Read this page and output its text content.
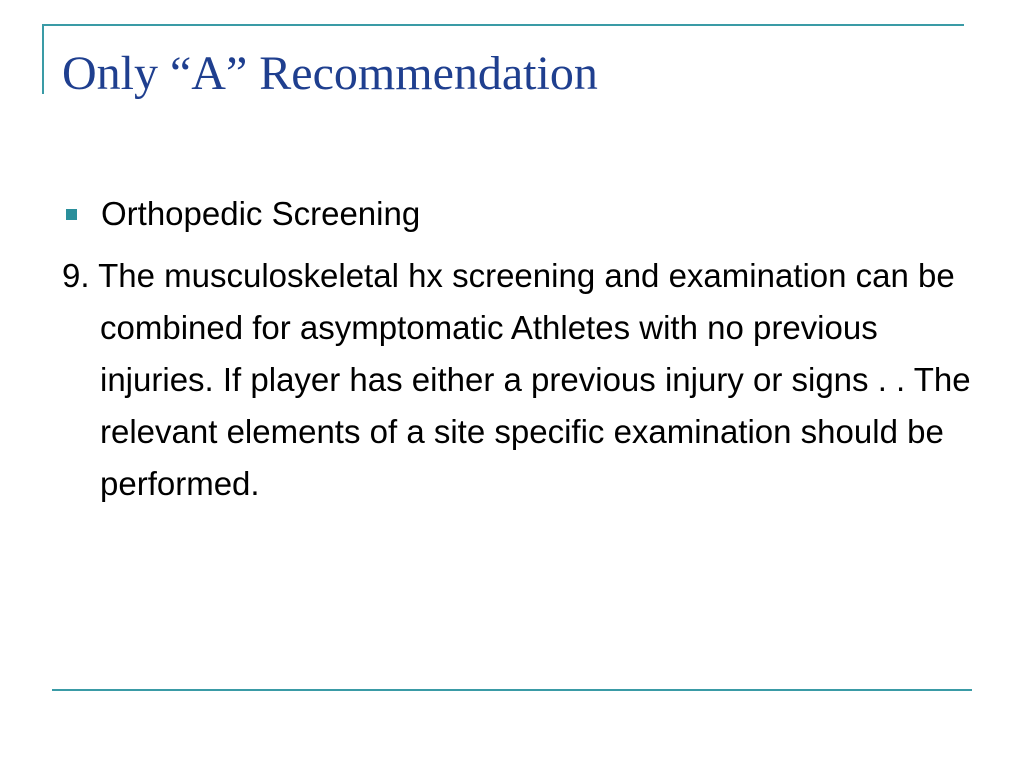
Only “A” Recommendation
Orthopedic Screening

9. The musculoskeletal hx screening and examination can be combined for asymptomatic Athletes with no previous injuries. If player has either a previous injury or signs . . The relevant elements of a site specific examination should be performed.
